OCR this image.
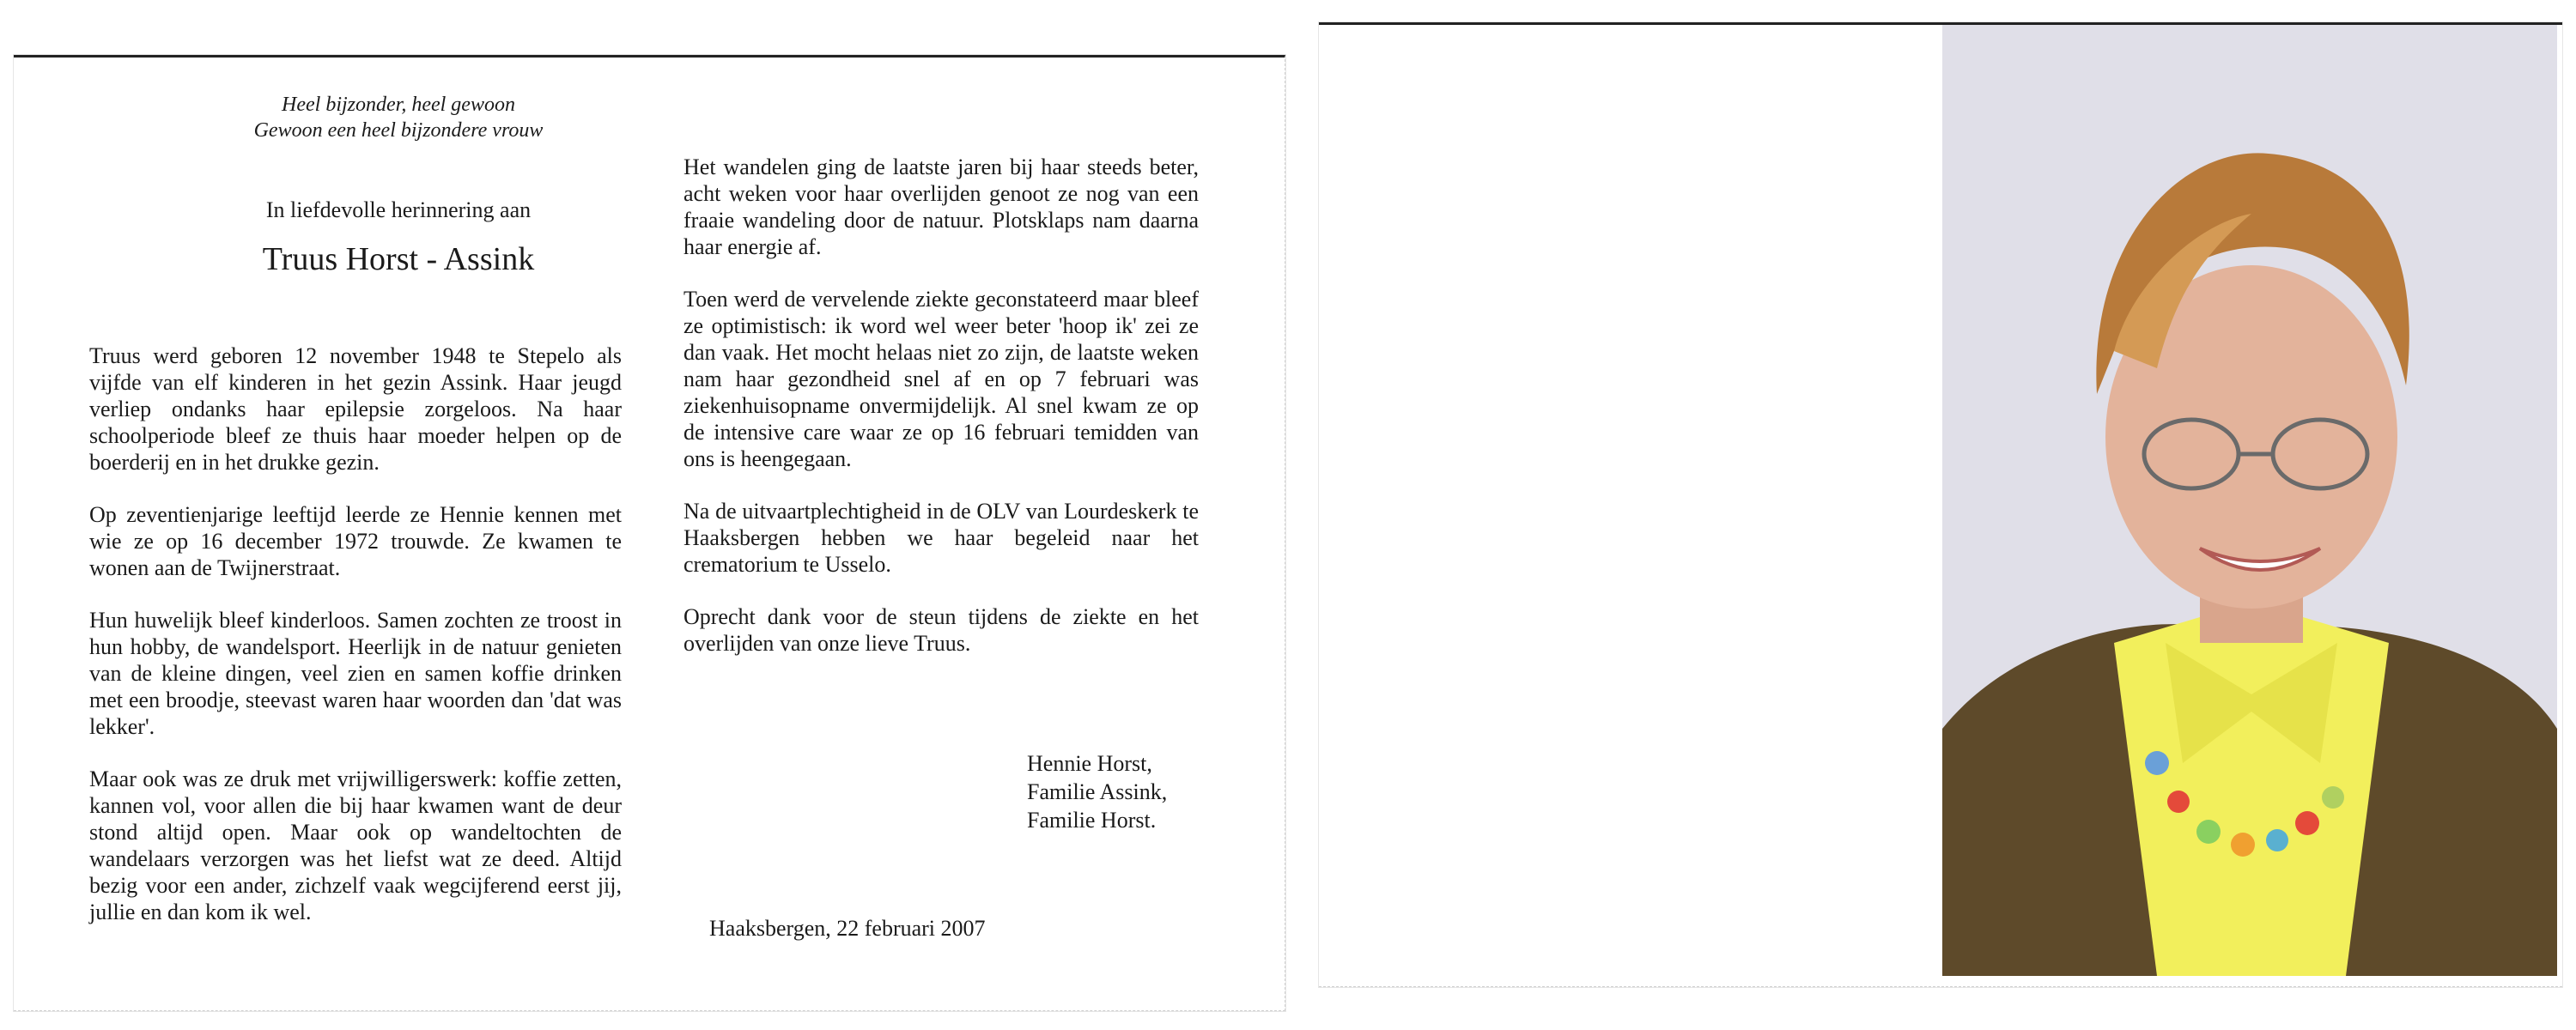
Heel bijzonder, heel gewoon
Gewoon een heel bijzondere vrouw
In liefdevolle herinnering aan
Truus Horst - Assink

Truus werd geboren 12 november 1948 te Stepelo als vijfde van elf kinderen in het gezin Assink. Haar jeugd verliep ondanks haar epilepsie zorgeloos. Na haar schoolperiode bleef ze thuis haar moeder helpen op de boerderij en in het drukke gezin.

Op zeventienjarige leeftijd leerde ze Hennie kennen met wie ze op 16 december 1972 trouwde. Ze kwamen te wonen aan de Twijnerstraat.

Hun huwelijk bleef kinderloos. Samen zochten ze troost in hun hobby, de wandelsport. Heerlijk in de natuur genieten van de kleine dingen, veel zien en samen koffie drinken met een broodje, steevast waren haar woorden dan 'dat was lekker'.

Maar ook was ze druk met vrijwilligerswerk: koffie zetten, kannen vol, voor allen die bij haar kwamen want de deur stond altijd open. Maar ook op wandeltochten de wandelaars verzorgen was het liefst wat ze deed. Altijd bezig voor een ander, zichzelf vaak wegcijferend eerst jij, jullie en dan kom ik wel.

Het wandelen ging de laatste jaren bij haar steeds beter, acht weken voor haar overlijden genoot ze nog van een fraaie wandeling door de natuur. Plotsklaps nam daarna haar energie af.

Toen werd de vervelende ziekte geconstateerd maar bleef ze optimistisch: ik word wel weer beter 'hoop ik' zei ze dan vaak. Het mocht helaas niet zo zijn, de laatste weken nam haar gezondheid snel af en op 7 februari was ziekenhuisopname onvermijdelijk. Al snel kwam ze op de intensive care waar ze op 16 februari temidden van ons is heengegaan.

Na de uitvaartplechtigheid in de OLV van Lourdeskerk te Haaksbergen hebben we haar begeleid naar het crematorium te Usselo.

Oprecht dank voor de steun tijdens de ziekte en het overlijden van onze lieve Truus.

Hennie Horst,
Familie Assink,
Familie Horst.
Haaksbergen, 22 februari 2007
